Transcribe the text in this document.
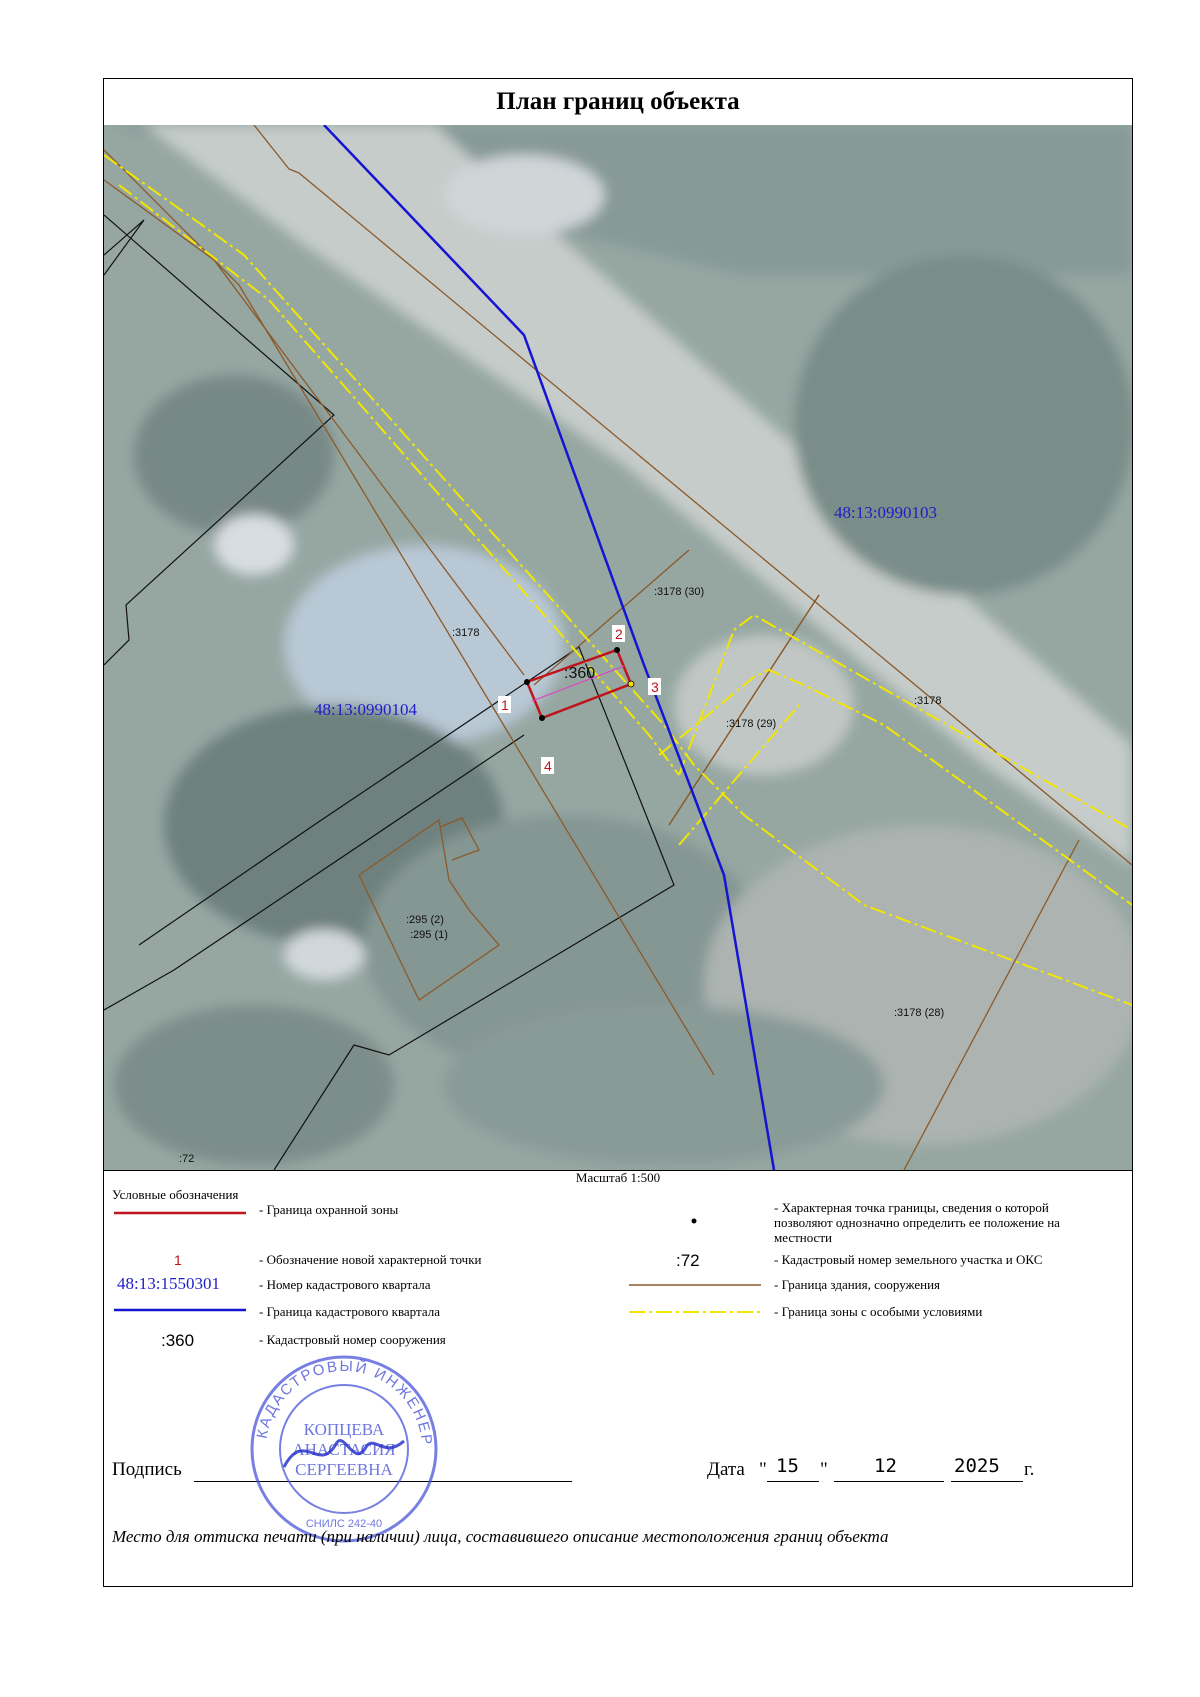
План границ объекта
1
2
3
4
48:13:0990103
48:13:0990104
:360
:3178 (30)
:3178
:3178 (29)
:3178
:295 (2)
:295 (1)
:3178 (28)
:72
Масштаб 1:500
Условные обозначения
- Граница охранной зоны
1	- Обозначение новой характерной точки
48:13:1550301	- Номер кадастрового квартала
- Граница кадастрового квартала
:360	- Кадастровый номер сооружения
- Характерная точка границы, сведения о которой позволяют однозначно определить ее положение на местности
:72	- Кадастровый номер земельного участка и ОКС
- Граница здания, сооружения
- Граница зоны с особыми условиями
Подпись	Дата " 15 " 12	2025 г.
КАДАСТРОВЫЙ ИНЖЕНЕР
КОПЦЕВА
АНАСТАСИЯ
СЕРГЕЕВНА
СНИЛС 242-40
Место для оттиска печати (при наличии) лица, составившего описание местоположения границ объекта
